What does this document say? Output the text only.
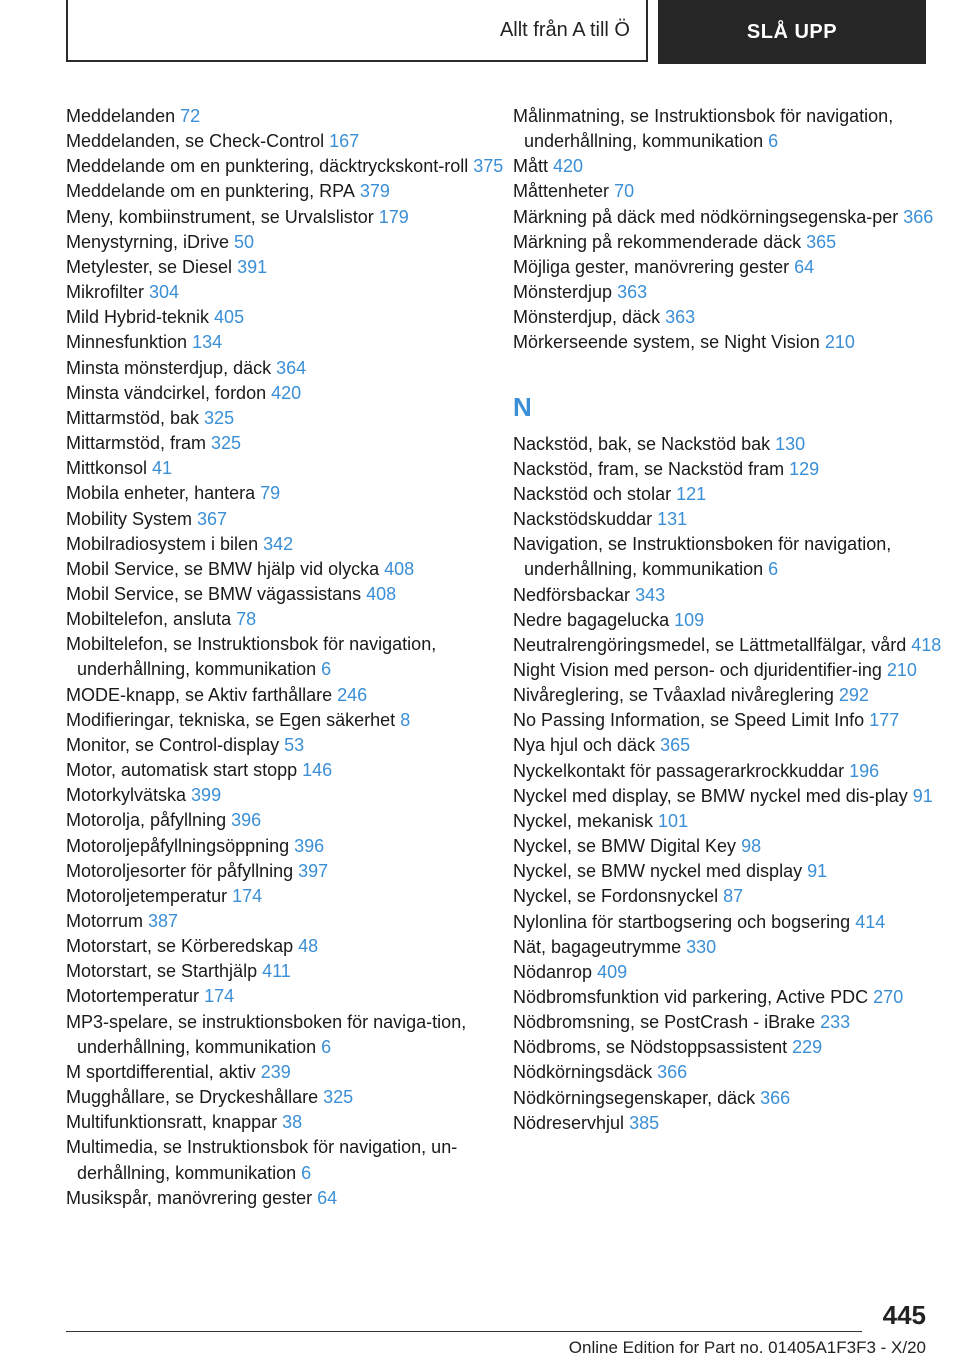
Allt från A till Ö	SLÅ UPP
Meddelanden 72
Meddelanden, se Check-Control 167
Meddelande om en punktering, däcktryckskont-roll 375
Meddelande om en punktering, RPA 379
Meny, kombiinstrument, se Urvalslistor 179
Menystyrning, iDrive 50
Metylester, se Diesel 391
Mikrofilter 304
Mild Hybrid-teknik 405
Minnesfunktion 134
Minsta mönsterdjup, däck 364
Minsta vändcirkel, fordon 420
Mittarmstöd, bak 325
Mittarmstöd, fram 325
Mittkonsol 41
Mobila enheter, hantera 79
Mobility System 367
Mobilradiosystem i bilen 342
Mobil Service, se BMW hjälp vid olycka 408
Mobil Service, se BMW vägassistans 408
Mobiltelefon, ansluta 78
Mobiltelefon, se Instruktionsbok för navigation, underhållning, kommunikation 6
MODE-knapp, se Aktiv farthållare 246
Modifieringar, tekniska, se Egen säkerhet 8
Monitor, se Control-display 53
Motor, automatisk start stopp 146
Motorkylvätska 399
Motorolja, påfyllning 396
Motoroljepåfyllningsöppning 396
Motoroljesorter för påfyllning 397
Motoroljetemperatur 174
Motorrum 387
Motorstart, se Körberedskap 48
Motorstart, se Starthjälp 411
Motortemperatur 174
MP3-spelare, se instruktionsboken för naviga-tion, underhållning, kommunikation 6
M sportdifferential, aktiv 239
Mugghållare, se Dryckeshållare 325
Multifunktionsratt, knappar 38
Multimedia, se Instruktionsbok för navigation, un-derhållning, kommunikation 6
Musikspår, manövrering gester 64
Målinmatning, se Instruktionsbok för navigation, underhållning, kommunikation 6
Mått 420
Måttenheter 70
Märkning på däck med nödkörningsegenska-per 366
Märkning på rekommenderade däck 365
Möjliga gester, manövrering gester 64
Mönsterdjup 363
Mönsterdjup, däck 363
Mörkerseende system, se Night Vision 210
N
Nackstöd, bak, se Nackstöd bak 130
Nackstöd, fram, se Nackstöd fram 129
Nackstöd och stolar 121
Nackstödskuddar 131
Navigation, se Instruktionsboken för navigation, underhållning, kommunikation 6
Nedförsbackar 343
Nedre bagagelucka 109
Neutralrengöringsmedel, se Lättmetallfälgar, vård 418
Night Vision med person- och djuridentifier-ing 210
Nivåreglering, se Tvåaxlad nivåreglering 292
No Passing Information, se Speed Limit Info 177
Nya hjul och däck 365
Nyckelkontakt för passagerarkrockkuddar 196
Nyckel med display, se BMW nyckel med dis-play 91
Nyckel, mekanisk 101
Nyckel, se BMW Digital Key 98
Nyckel, se BMW nyckel med display 91
Nyckel, se Fordonsnyckel 87
Nylonlina för startbogsering och bogsering 414
Nät, bagageutrymme 330
Nödanrop 409
Nödbromsfunktion vid parkering, Active PDC 270
Nödbromsning, se PostCrash - iBrake 233
Nödbroms, se Nödstoppsassistent 229
Nödkörningsdäck 366
Nödkörningsegenskaper, däck 366
Nödreservhjul 385
445
Online Edition for Part no. 01405A1F3F3 - X/20
